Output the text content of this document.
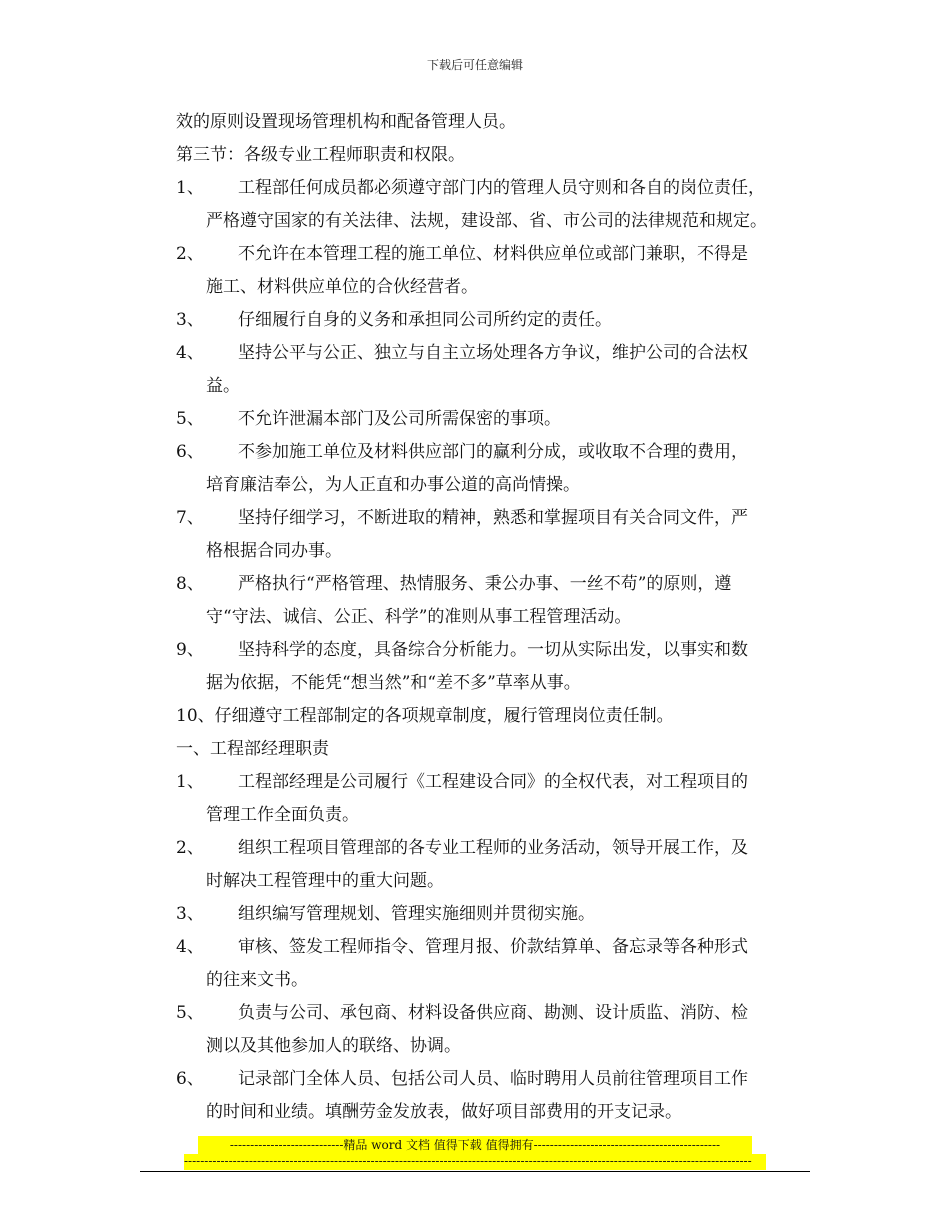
下载后可任意编辑
效的原则设置现场管理机构和配备管理人员。
第三节：各级专业工程师职责和权限。
1、	工程部任何成员都必须遵守部门内的管理人员守则和各自的岗位责任，
严格遵守国家的有关法律、法规，建设部、省、市公司的法律规范和规定。
2、	不允许在本管理工程的施工单位、材料供应单位或部门兼职，不得是
施工、材料供应单位的合伙经营者。
3、	仔细履行自身的义务和承担同公司所约定的责任。
4、	坚持公平与公正、独立与自主立场处理各方争议，维护公司的合法权
益。
5、	不允许泄漏本部门及公司所需保密的事项。
6、	不参加施工单位及材料供应部门的赢利分成，或收取不合理的费用，
培育廉洁奉公，为人正直和办事公道的高尚情操。
7、	坚持仔细学习，不断进取的精神，熟悉和掌握项目有关合同文件，严
格根据合同办事。
8、	严格执行“严格管理、热情服务、秉公办事、一丝不苟”的原则，遵
守“守法、诚信、公正、科学”的准则从事工程管理活动。
9、	坚持科学的态度，具备综合分析能力。一切从实际出发，以事实和数
据为依据，不能凭“想当然”和“差不多”草率从事。
10、仔细遵守工程部制定的各项规章制度，履行管理岗位责任制。
一、工程部经理职责
1、	工程部经理是公司履行《工程建设合同》的全权代表，对工程项目的
管理工作全面负责。
2、	组织工程项目管理部的各专业工程师的业务活动，领导开展工作，及
时解决工程管理中的重大问题。
3、	组织编写管理规划、管理实施细则并贯彻实施。
4、	审核、签发工程师指令、管理月报、价款结算单、备忘录等各种形式
的往来文书。
5、	负责与公司、承包商、材料设备供应商、勘测、设计质监、消防、检
测以及其他参加人的联络、协调。
6、	记录部门全体人员、包括公司人员、临时聘用人员前往管理项目工作
的时间和业绩。填酬劳金发放表，做好项目部费用的开支记录。
----------------------------精品 word 文档 值得下载 值得拥有----------------------------------------------
--------------------------------------------------------------------------------------------------------------------------------------------
